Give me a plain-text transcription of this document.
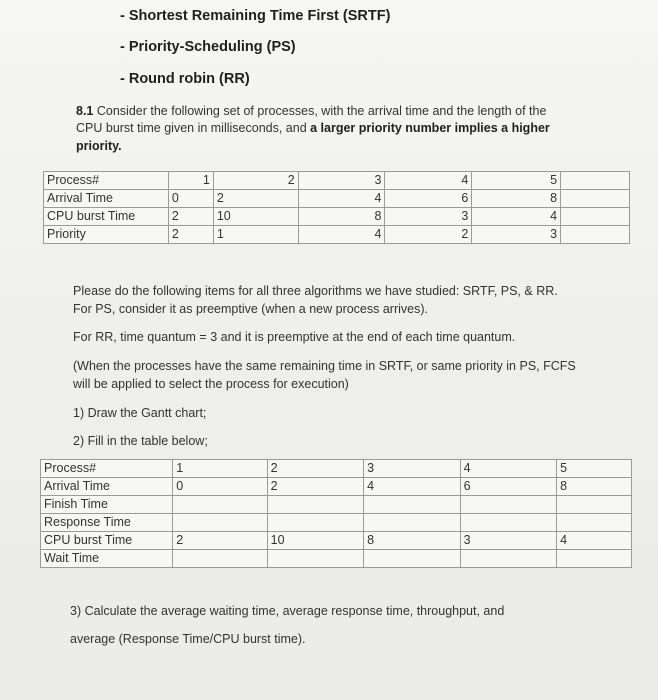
- Shortest Remaining Time First (SRTF)
- Priority-Scheduling (PS)
- Round robin (RR)
8.1 Consider the following set of processes, with the arrival time and the length of the
CPU burst time given in milliseconds, and a larger priority number implies a higher
priority.
Process#	1	2	3	4	5	
Arrival Time	0	2	4	6	8	
CPU burst Time	2	10	8	3	4	
Priority	2	1	4	2	3	
Please do the following items for all three algorithms we have studied: SRTF, PS, & RR.
For PS, consider it as preemptive (when a new process arrives).
For RR, time quantum = 3 and it is preemptive at the end of each time quantum.
(When the processes have the same remaining time in SRTF, or same priority in PS, FCFS
will be applied to select the process for execution)
1) Draw the Gantt chart;
2) Fill in the table below;
Process#	1	2	3	4	5
Arrival Time	0	2	4	6	8
Finish Time					
Response Time					
CPU burst Time	2	10	8	3	4
Wait Time					
3) Calculate the average waiting time, average response time, throughput, and
average (Response Time/CPU burst time).
